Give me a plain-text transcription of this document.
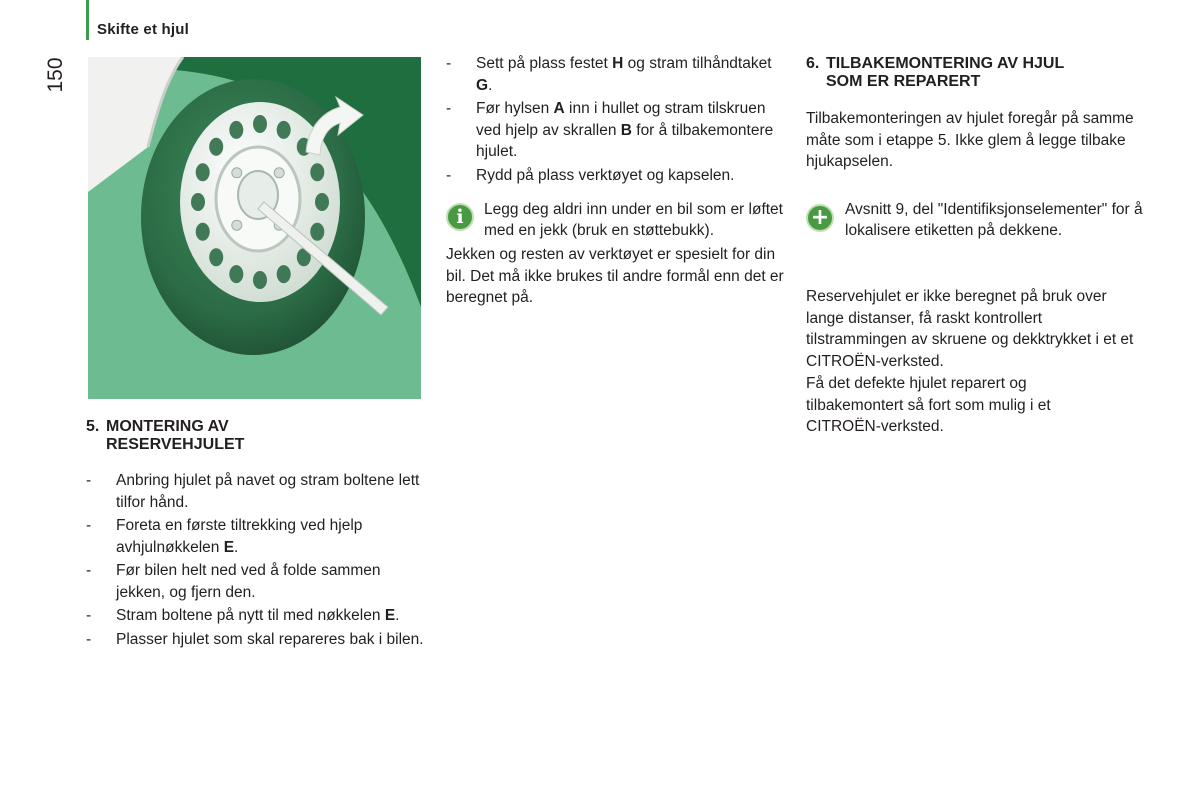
Skifte et hjul
150
5. MONTERING AV
RESERVEHJULET
- Anbring hjulet på navet og stram boltene lett tilfor hånd.
- Foreta en første tiltrekking ved hjelp avhjulnøkkelen E.
- Før bilen helt ned ved å folde sammen jekken, og fjern den.
- Stram boltene på nytt til med nøkkelen E.
- Plasser hjulet som skal repareres bak i bilen.
- Sett på plass festet H og stram tilhåndtaket G.
- Før hylsen A inn i hullet og stram tilskruen ved hjelp av skrallen B for å tilbakemontere hjulet.
- Rydd på plass verktøyet og kapselen.
i	Legg deg aldri inn under en bil som er løftet med en jekk (bruk en støttebukk).

Jekken og resten av verktøyet er spesielt for din bil. Det må ikke brukes til andre formål enn det er beregnet på.

6. TILBAKEMONTERING AV HJUL
SOM ER REPARERT

Tilbakemonteringen av hjulet foregår på samme måte som i etappe 5. Ikke glem å legge tilbake hjukapselen.

+	Avsnitt 9, del "Identifiksjonselementer" for å lokalisere etiketten på dekkene.

Reservehjulet er ikke beregnet på bruk over lange distanser, få raskt kontrollert tilstrammingen av skruene og dekktrykket i et et CITROËN-verksted.

Få det defekte hjulet reparert og tilbakemontert så fort som mulig i et CITROËN-verksted.
